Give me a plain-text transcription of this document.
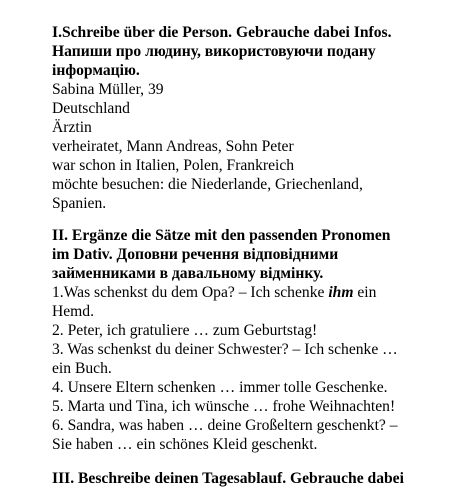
I.Schreibe über die Person. Gebrauche dabei Infos.
Напиши про людину, використовуючи подану
інформацію.
Sabina Müller, 39
Deutschland
Ärztin
verheiratet, Mann Andreas, Sohn Peter
war schon in Italien, Polen, Frankreich
möchte besuchen: die Niederlande, Griechenland,
Spanien.
II. Ergänze die Sätze mit den passenden Pronomen
im Dativ. Доповни речення відповідними
займенниками в давальному відмінку.
1.Was schenkst du dem Opa? – Ich schenke ihm ein
Hemd.
2. Peter, ich gratuliere … zum Geburtstag!
3. Was schenkst du deiner Schwester? – Ich schenke …
ein Buch.
4. Unsere Eltern schenken … immer tolle Geschenke.
5. Marta und Tina, ich wünsche … frohe Weihnachten!
6. Sandra, was haben … deine Großeltern geschenkt? –
Sie haben … ein schönes Kleid geschenkt.
III. Beschreibe deinen Tagesablauf. Gebrauche dabei
